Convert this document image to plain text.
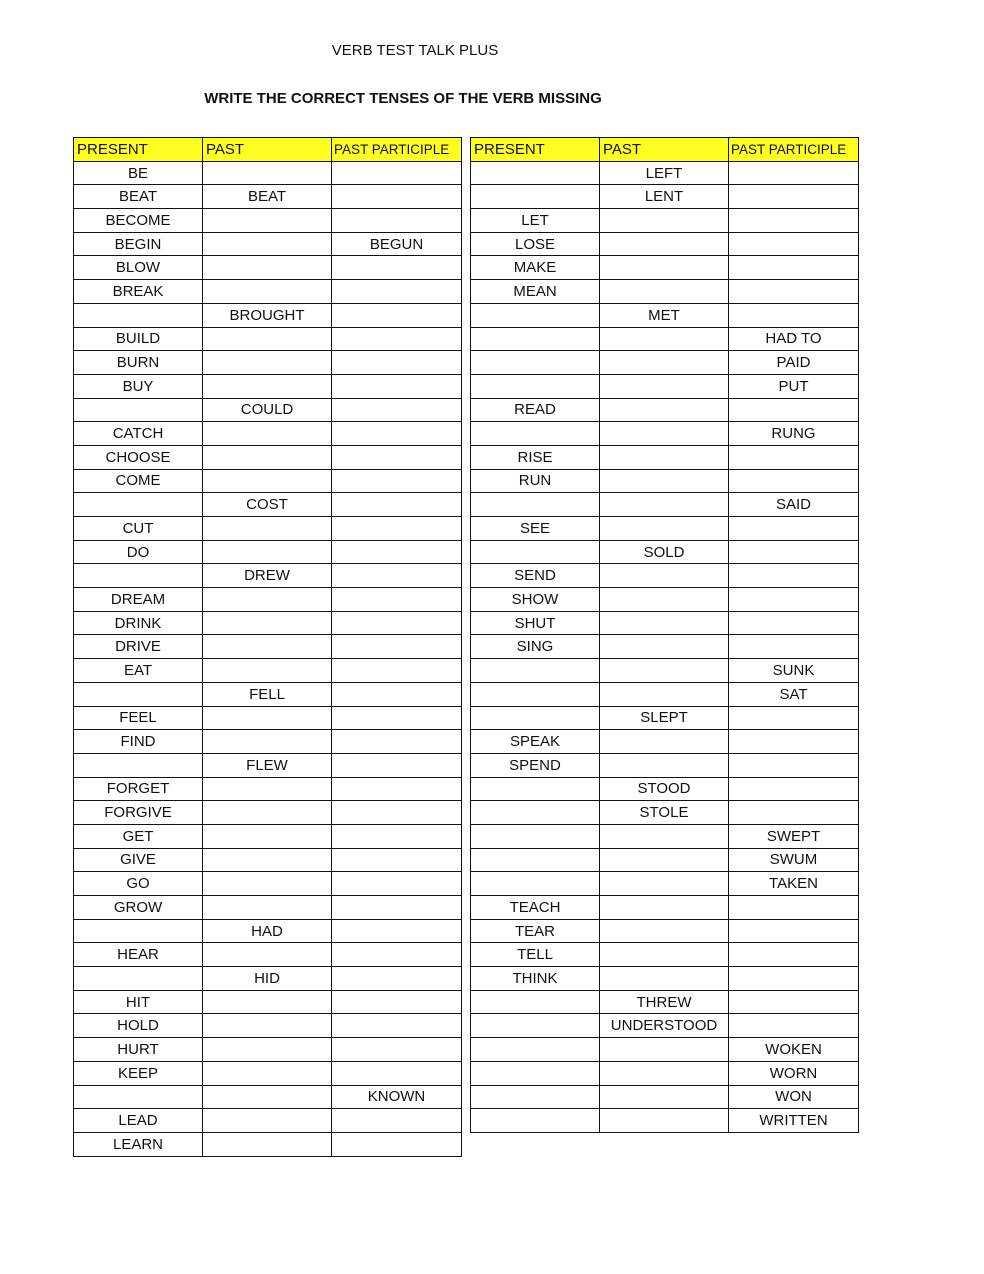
VERB TEST TALK PLUS
WRITE THE CORRECT TENSES OF THE VERB MISSING
PRESENT	PAST	PAST PARTICIPLE
BE		
BEAT	BEAT	
BECOME		
BEGIN		BEGUN
BLOW		
BREAK		
	BROUGHT	
BUILD		
BURN		
BUY		
	COULD	
CATCH		
CHOOSE		
COME		
	COST	
CUT		
DO		
	DREW	
DREAM		
DRINK		
DRIVE		
EAT		
	FELL	
FEEL		
FIND		
	FLEW	
FORGET		
FORGIVE		
GET		
GIVE		
GO		
GROW		
	HAD	
HEAR		
	HID	
HIT		
HOLD		
HURT		
KEEP		
		KNOWN
LEAD		
LEARN		
PRESENT	PAST	PAST PARTICIPLE
	LEFT	
	LENT	
LET		
LOSE		
MAKE		
MEAN		
	MET	
		HAD TO
		PAID
		PUT
READ		
		RUNG
RISE		
RUN		
		SAID
SEE		
	SOLD	
SEND		
SHOW		
SHUT		
SING		
		SUNK
		SAT
	SLEPT	
SPEAK		
SPEND		
	STOOD	
	STOLE	
		SWEPT
		SWUM
		TAKEN
TEACH		
TEAR		
TELL		
THINK		
	THREW	
	UNDERSTOOD	
		WOKEN
		WORN
		WON
		WRITTEN
